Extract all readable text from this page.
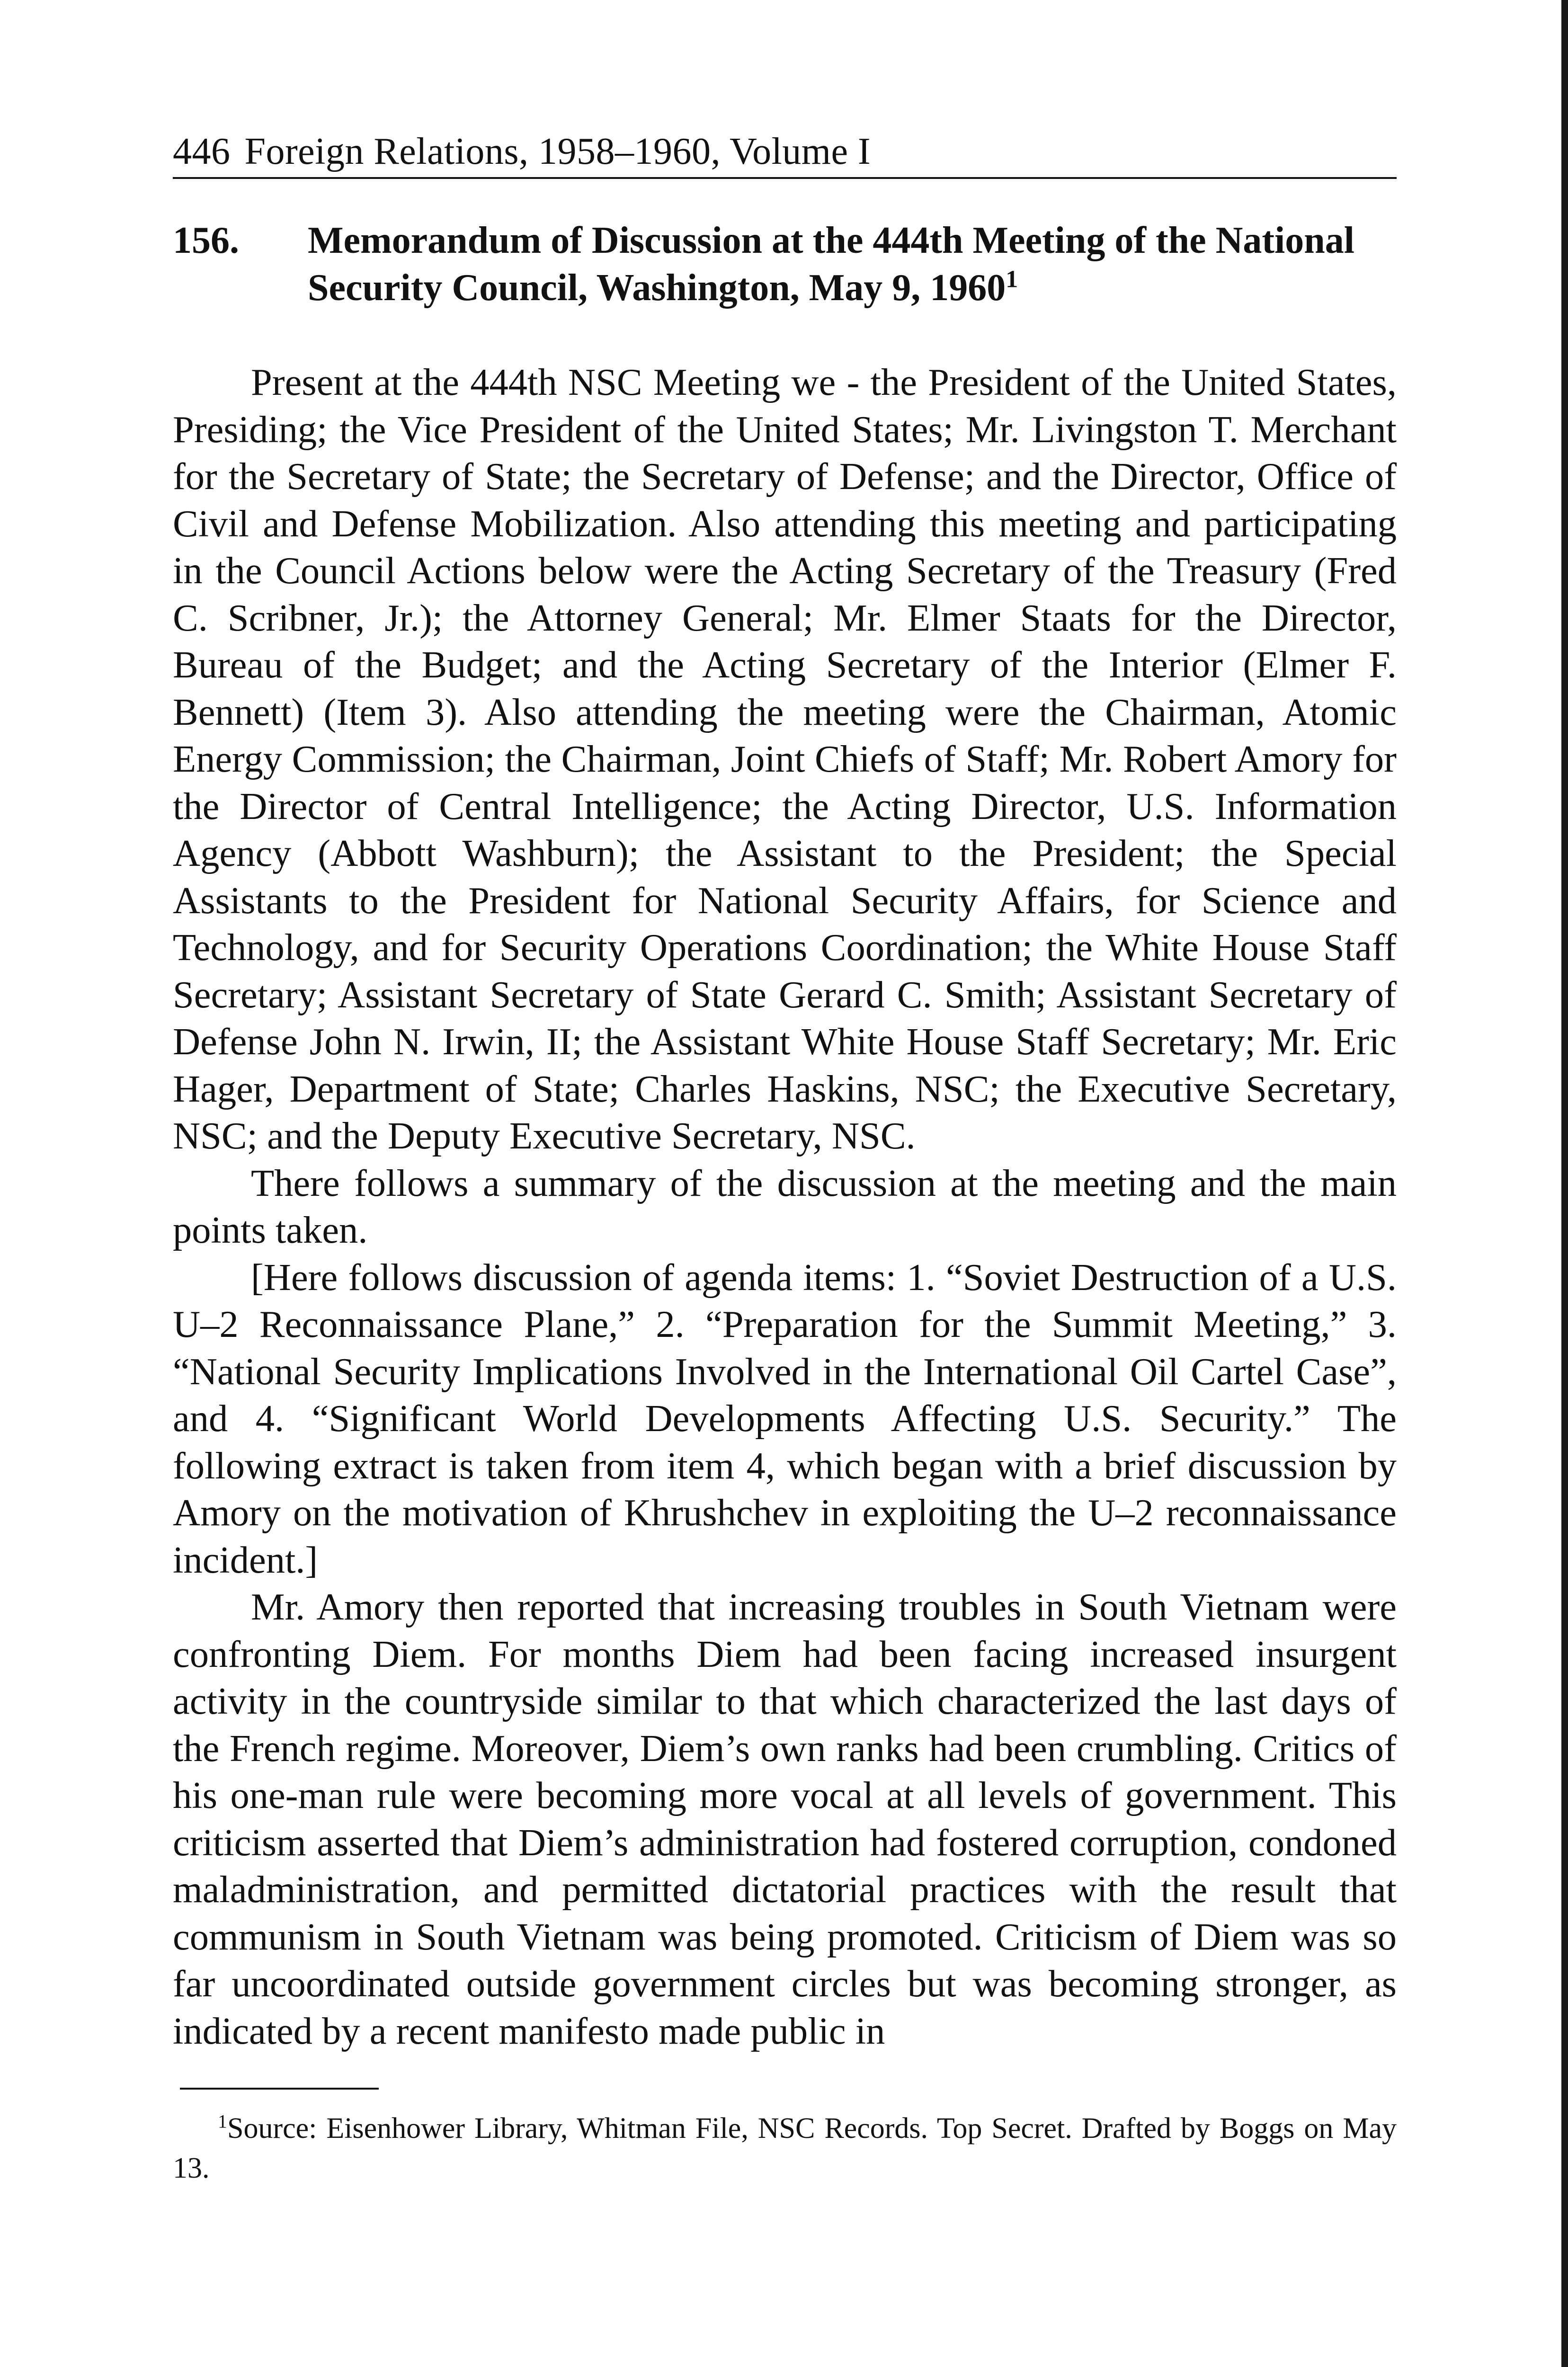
446 Foreign Relations, 1958–1960, Volume I
156.	Memorandum of Discussion at the 444th Meeting of the National Security Council, Washington, May 9, 1960$^1$

Present at the 444th NSC Meeting we - the President of the United States, Presiding; the Vice President of the United States; Mr. Livingston T. Merchant for the Secretary of State; the Secretary of Defense; and the Director, Office of Civil and Defense Mobilization. Also attending this meeting and participating in the Council Actions below were the Acting Secretary of the Treasury (Fred C. Scribner, Jr.); the Attorney General; Mr. Elmer Staats for the Director, Bureau of the Budget; and the Acting Secretary of the Interior (Elmer F. Bennett) (Item 3). Also attending the meeting were the Chairman, Atomic Energy Commission; the Chairman, Joint Chiefs of Staff; Mr. Robert Amory for the Director of Central Intelligence; the Acting Director, U.S. Information Agency (Abbott Washburn); the Assistant to the President; the Special Assistants to the President for National Security Affairs, for Science and Technology, and for Security Operations Coordination; the White House Staff Secretary; Assistant Secretary of State Gerard C. Smith; Assistant Secretary of Defense John N. Irwin, II; the Assistant White House Staff Secretary; Mr. Eric Hager, Department of State; Charles Haskins, NSC; the Executive Secretary, NSC; and the Deputy Executive Secretary, NSC.

There follows a summary of the discussion at the meeting and the main points taken.

[Here follows discussion of agenda items: 1. “Soviet Destruction of a U.S. U–2 Reconnaissance Plane,” 2. “Preparation for the Summit Meeting,” 3. “National Security Implications Involved in the International Oil Cartel Case”, and 4. “Significant World Developments Affecting U.S. Security.” The following extract is taken from item 4, which began with a brief discussion by Amory on the motivation of Khrushchev in exploiting the U–2 reconnaissance incident.]

Mr. Amory then reported that increasing troubles in South Vietnam were confronting Diem. For months Diem had been facing increased insurgent activity in the countryside similar to that which characterized the last days of the French regime. Moreover, Diem’s own ranks had been crumbling. Critics of his one-man rule were becoming more vocal at all levels of government. This criticism asserted that Diem’s administration had fostered corruption, condoned maladministration, and permitted dictatorial practices with the result that communism in South Vietnam was being promoted. Criticism of Diem was so far uncoordinated outside government circles but was becoming stronger, as indicated by a recent manifesto made public in

$^1$Source: Eisenhower Library, Whitman File, NSC Records. Top Secret. Drafted by Boggs on May 13.
